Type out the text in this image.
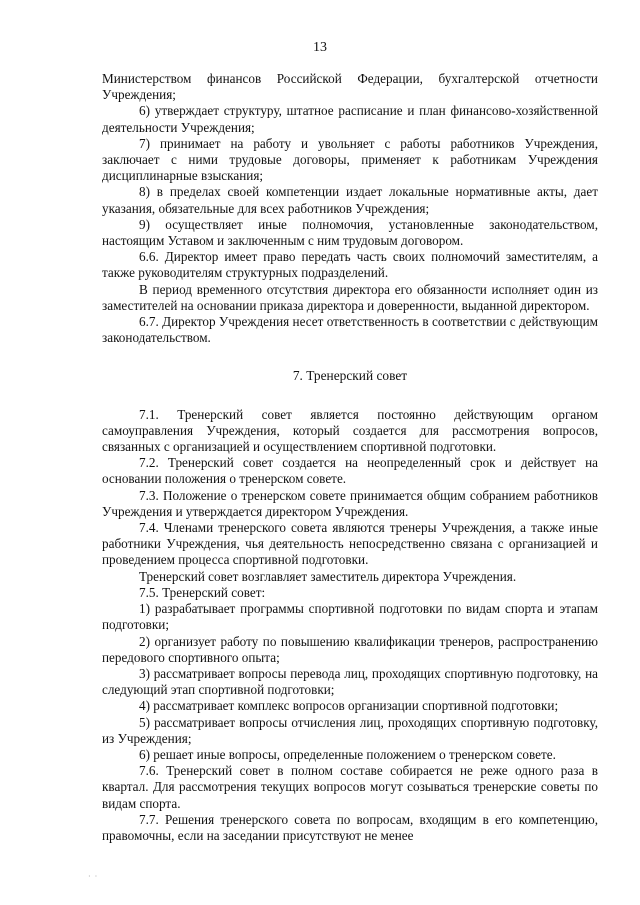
13

Министерством финансов Российской Федерации, бухгалтерской отчетности Учреждения;

6) утверждает структуру, штатное расписание и план финансово-хозяйственной деятельности Учреждения;

7) принимает на работу и увольняет с работы работников Учреждения, заключает с ними трудовые договоры, применяет к работникам Учреждения дисциплинарные взыскания;

8) в пределах своей компетенции издает локальные нормативные акты, дает указания, обязательные для всех работников Учреждения;

9) осуществляет иные полномочия, установленные законодательством, настоящим Уставом и заключенным с ним трудовым договором.

6.6. Директор имеет право передать часть своих полномочий заместителям, а также руководителям структурных подразделений.

В период временного отсутствия директора его обязанности исполняет один из заместителей на основании приказа директора и доверенности, выданной директором.

6.7. Директор Учреждения несет ответственность в соответствии с действующим законодательством.

7. Тренерский совет

7.1. Тренерский совет является постоянно действующим органом самоуправления Учреждения, который создается для рассмотрения вопросов, связанных с организацией и осуществлением спортивной подготовки.

7.2. Тренерский совет создается на неопределенный срок и действует на основании положения о тренерском совете.

7.3. Положение о тренерском совете принимается общим собранием работников Учреждения и утверждается директором Учреждения.

7.4. Членами тренерского совета являются тренеры Учреждения, а также иные работники Учреждения, чья деятельность непосредственно связана с организацией и проведением процесса спортивной подготовки.

Тренерский совет возглавляет заместитель директора Учреждения.

7.5. Тренерский совет:

1) разрабатывает программы спортивной подготовки по видам спорта и этапам подготовки;

2) организует работу по повышению квалификации тренеров, распространению передового спортивного опыта;

3) рассматривает вопросы перевода лиц, проходящих спортивную подготовку, на следующий этап спортивной подготовки;

4) рассматривает комплекс вопросов организации спортивной подготовки;

5) рассматривает вопросы отчисления лиц, проходящих спортивную подготовку, из Учреждения;

6) решает иные вопросы, определенные положением о тренерском совете.

7.6. Тренерский совет в полном составе собирается не реже одного раза в квартал. Для рассмотрения текущих вопросов могут созываться тренерские советы по видам спорта.

7.7. Решения тренерского совета по вопросам, входящим в его компетенцию, правомочны, если на заседании присутствуют не менее

· ·
